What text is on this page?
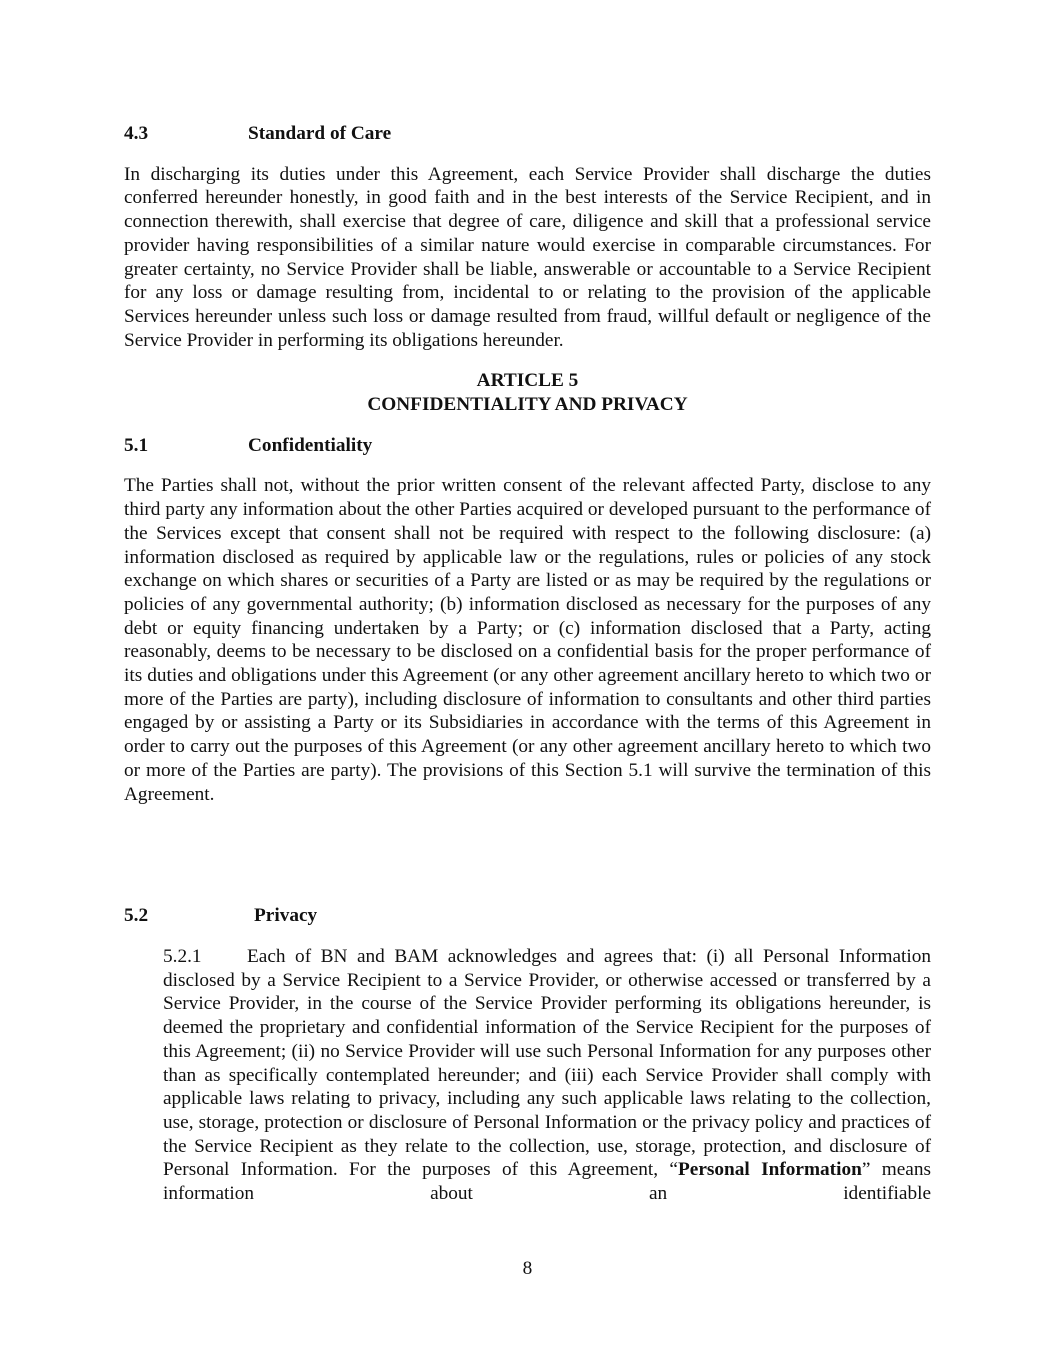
4.3	Standard of Care

In discharging its duties under this Agreement, each Service Provider shall discharge the duties conferred hereunder honestly, in good faith and in the best interests of the Service Recipient, and in connection therewith, shall exercise that degree of care, diligence and skill that a professional service provider having responsibilities of a similar nature would exercise in comparable circumstances. For greater certainty, no Service Provider shall be liable, answerable or accountable to a Service Recipient for any loss or damage resulting from, incidental to or relating to the provision of the applicable Services hereunder unless such loss or damage resulted from fraud, willful default or negligence of the Service Provider in performing its obligations hereunder.

ARTICLE 5

CONFIDENTIALITY AND PRIVACY

5.1	Confidentiality

The Parties shall not, without the prior written consent of the relevant affected Party, disclose to any third party any information about the other Parties acquired or developed pursuant to the performance of the Services except that consent shall not be required with respect to the following disclosure: (a) information disclosed as required by applicable law or the regulations, rules or policies of any stock exchange on which shares or securities of a Party are listed or as may be required by the regulations or policies of any governmental authority; (b) information disclosed as necessary for the purposes of any debt or equity financing undertaken by a Party; or (c) information disclosed that a Party, acting reasonably, deems to be necessary to be disclosed on a confidential basis for the proper performance of its duties and obligations under this Agreement (or any other agreement ancillary hereto to which two or more of the Parties are party), including disclosure of information to consultants and other third parties engaged by or assisting a Party or its Subsidiaries in accordance with the terms of this Agreement in order to carry out the purposes of this Agreement (or any other agreement ancillary hereto to which two or more of the Parties are party). The provisions of this Section 5.1 will survive the termination of this Agreement.

5.2	Privacy

5.2.1 Each of BN and BAM acknowledges and agrees that: (i) all Personal Information disclosed by a Service Recipient to a Service Provider, or otherwise accessed or transferred by a Service Provider, in the course of the Service Provider performing its obligations hereunder, is deemed the proprietary and confidential information of the Service Recipient for the purposes of this Agreement; (ii) no Service Provider will use such Personal Information for any purposes other than as specifically contemplated hereunder; and (iii) each Service Provider shall comply with applicable laws relating to privacy, including any such applicable laws relating to the collection, use, storage, protection or disclosure of Personal Information or the privacy policy and practices of the Service Recipient as they relate to the collection, use, storage, protection, and disclosure of Personal Information. For the purposes of this Agreement, “Personal Information” means information about an identifiable

8
